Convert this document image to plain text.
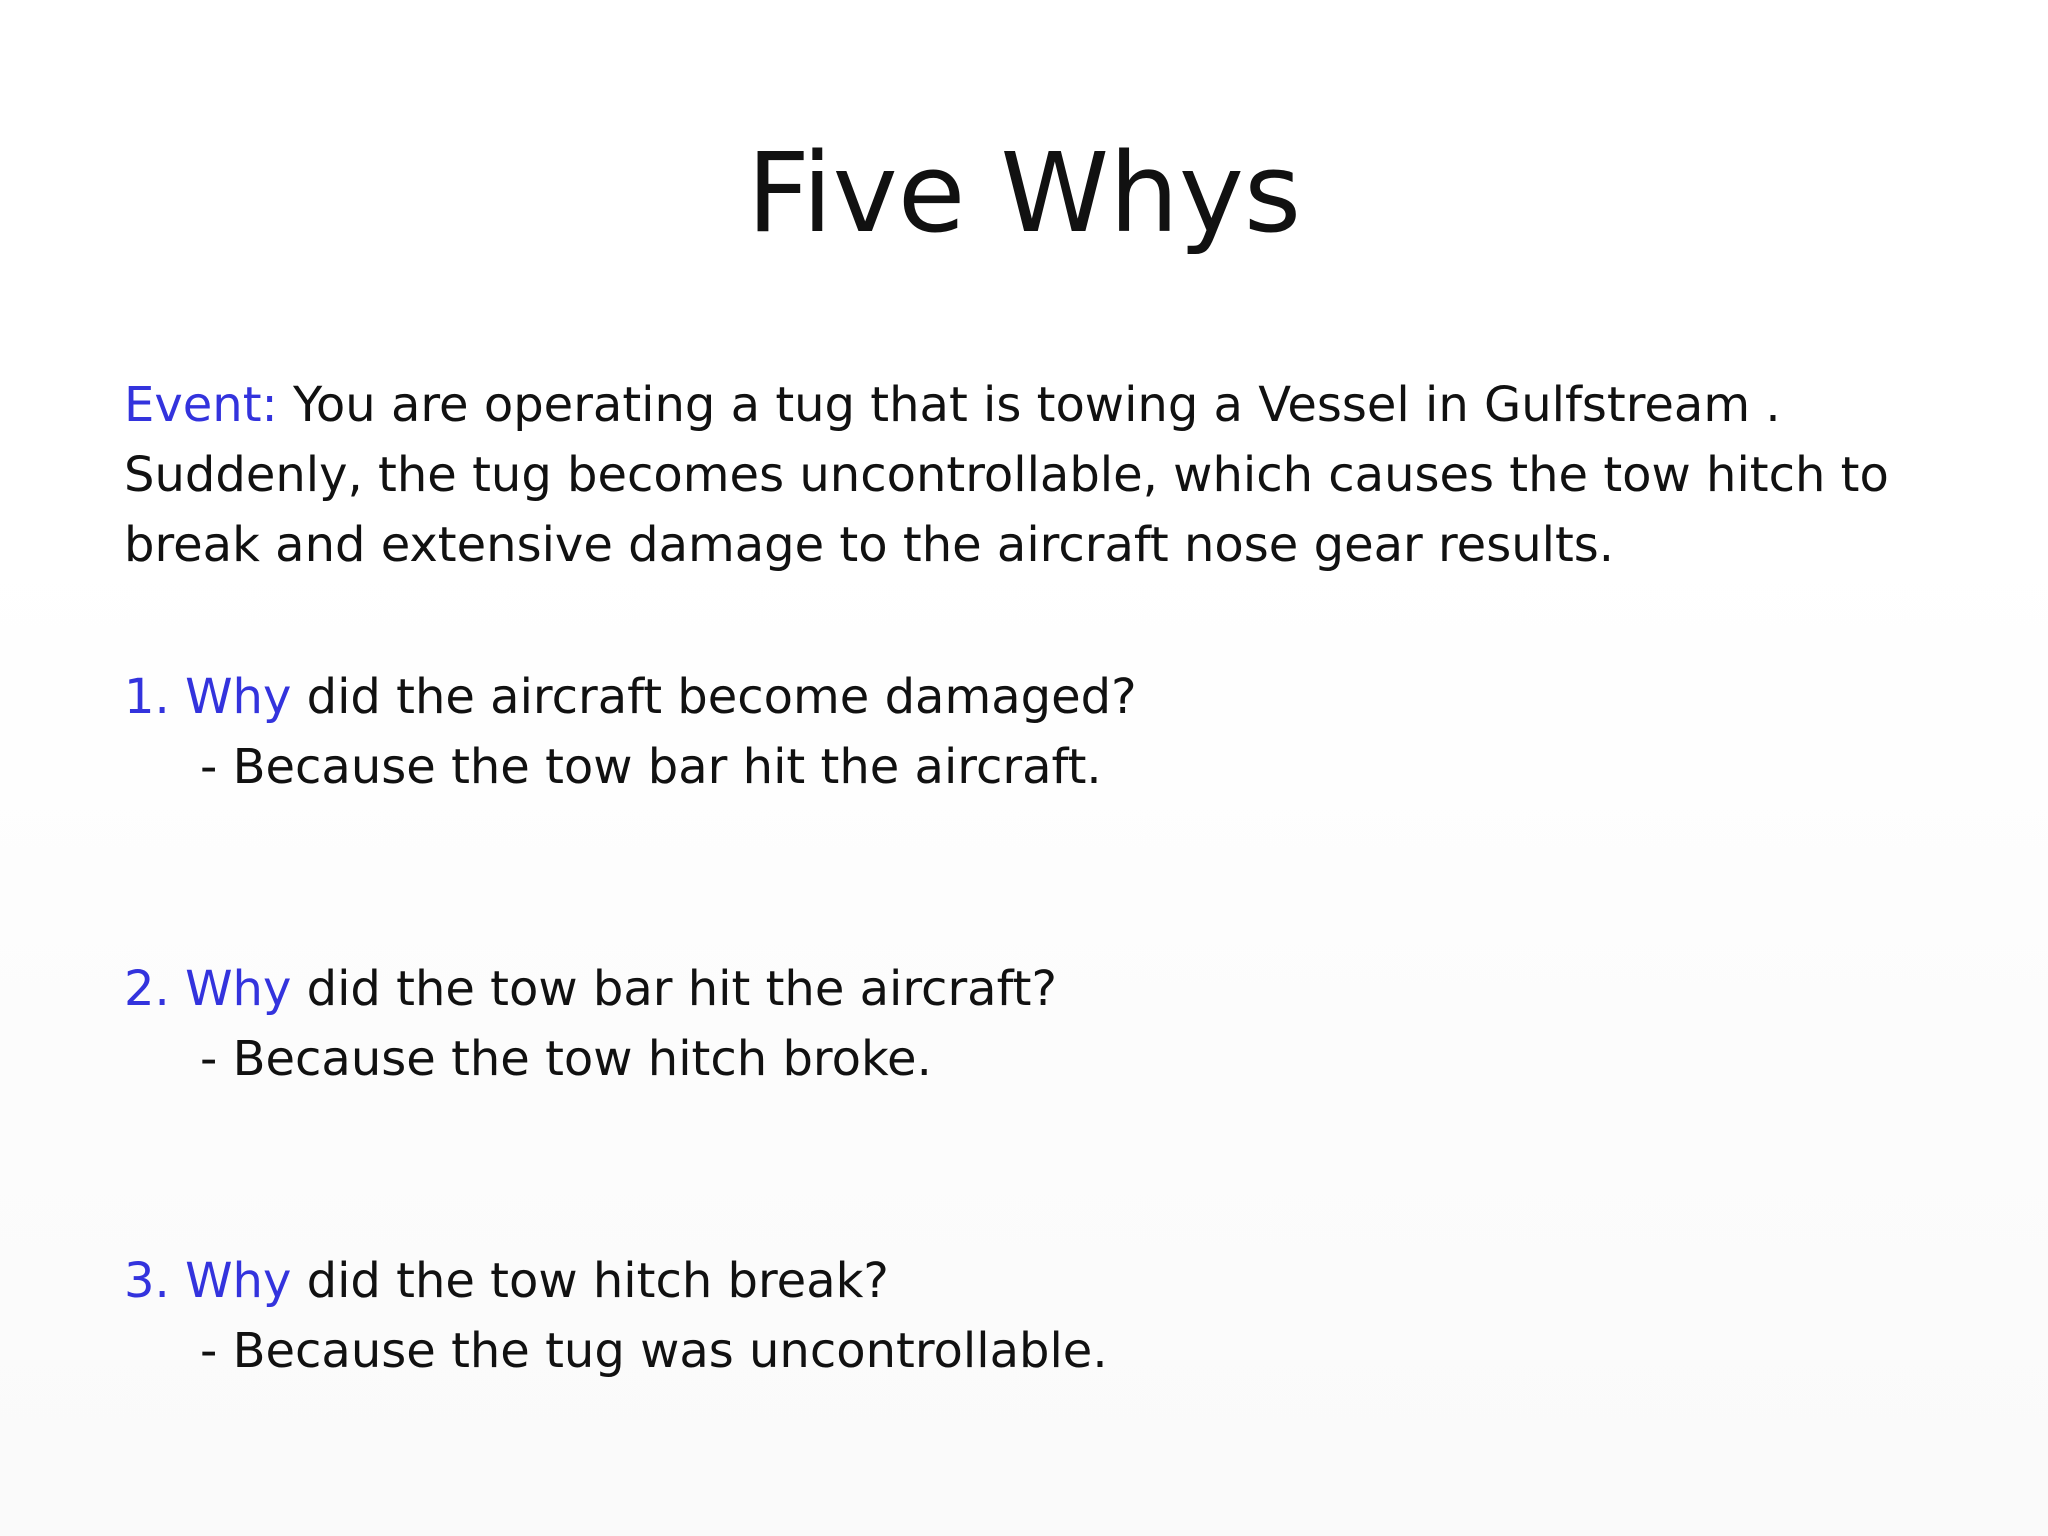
Five Whys
Event: You are operating a tug that is towing a Vessel in Gulfstream .
Suddenly, the tug becomes uncontrollable, which causes the tow hitch to
break and extensive damage to the aircraft nose gear results.
1. Why did the aircraft become damaged?
- Because the tow bar hit the aircraft.
2. Why did the tow bar hit the aircraft?
- Because the tow hitch broke.
3. Why did the tow hitch break?
- Because the tug was uncontrollable.
